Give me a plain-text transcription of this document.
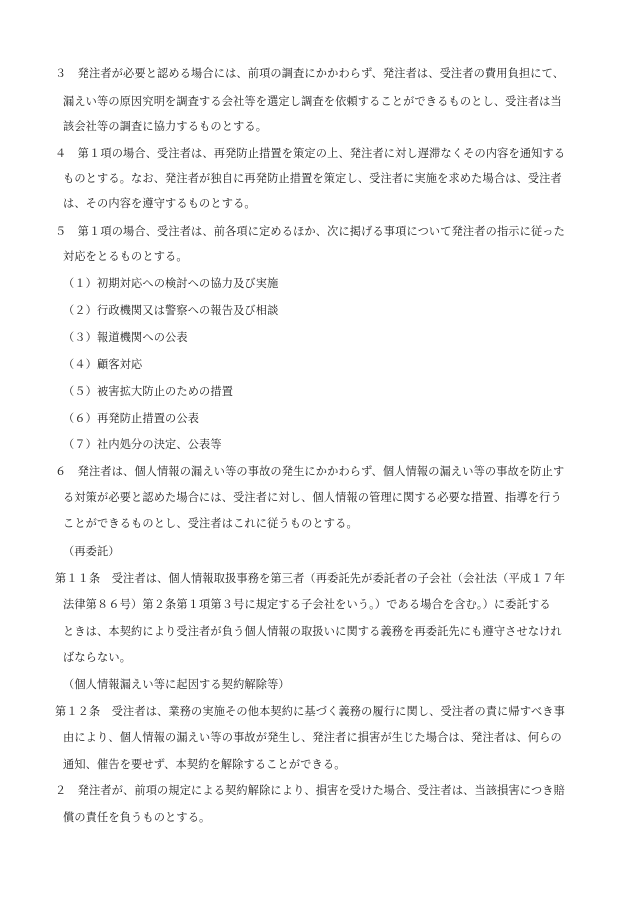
３　発注者が必要と認める場合には、前項の調査にかかわらず、発注者は、受注者の費用負担にて、
漏えい等の原因究明を調査する会社等を選定し調査を依頼することができるものとし、受注者は当
該会社等の調査に協力するものとする。
４　第１項の場合、受注者は、再発防止措置を策定の上、発注者に対し遅滞なくその内容を通知する
ものとする。なお、発注者が独自に再発防止措置を策定し、受注者に実施を求めた場合は、受注者
は、その内容を遵守するものとする。
５　第１項の場合、受注者は、前各項に定めるほか、次に掲げる事項について発注者の指示に従った
対応をとるものとする。
（１）初期対応への検討への協力及び実施
（２）行政機関又は警察への報告及び相談
（３）報道機関への公表
（４）顧客対応
（５）被害拡大防止のための措置
（６）再発防止措置の公表
（７）社内処分の決定、公表等
６　発注者は、個人情報の漏えい等の事故の発生にかかわらず、個人情報の漏えい等の事故を防止す
る対策が必要と認めた場合には、受注者に対し、個人情報の管理に関する必要な措置、指導を行う
ことができるものとし、受注者はこれに従うものとする。
（再委託）
第１１条　受注者は、個人情報取扱事務を第三者（再委託先が委託者の子会社（会社法（平成１７年
法律第８６号）第２条第１項第３号に規定する子会社をいう。）である場合を含む。）に委託する
ときは、本契約により受注者が負う個人情報の取扱いに関する義務を再委託先にも遵守させなけれ
ばならない。
（個人情報漏えい等に起因する契約解除等）
第１２条　受注者は、業務の実施その他本契約に基づく義務の履行に関し、受注者の責に帰すべき事
由により、個人情報の漏えい等の事故が発生し、発注者に損害が生じた場合は、発注者は、何らの
通知、催告を要せず、本契約を解除することができる。
２　発注者が、前項の規定による契約解除により、損害を受けた場合、受注者は、当該損害につき賠
償の責任を負うものとする。
